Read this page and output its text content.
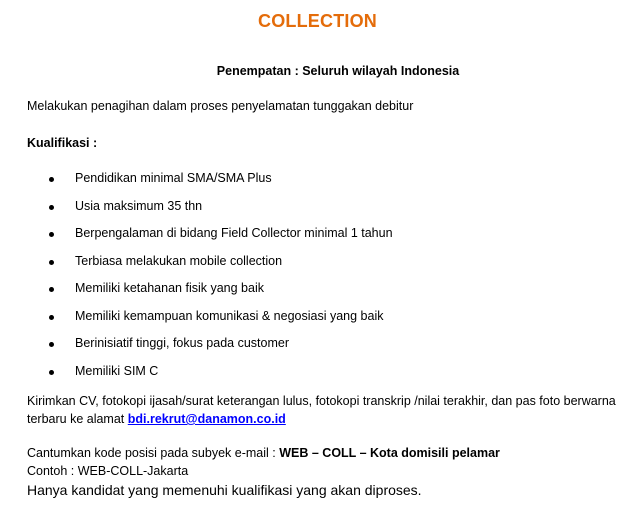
COLLECTION
Penempatan : Seluruh wilayah Indonesia
Melakukan penagihan dalam proses penyelamatan tunggakan debitur
Kualifikasi :
Pendidikan minimal SMA/SMA Plus
Usia maksimum 35 thn
Berpengalaman di bidang Field Collector minimal 1 tahun
Terbiasa melakukan mobile collection
Memiliki ketahanan fisik yang baik
Memiliki kemampuan komunikasi & negosiasi yang baik
Berinisiatif tinggi, fokus pada customer
Memiliki SIM C
Kirimkan CV, fotokopi ijasah/surat keterangan lulus, fotokopi transkrip /nilai terakhir, dan pas foto berwarna terbaru ke alamat bdi.rekrut@danamon.co.id
Cantumkan kode posisi pada subyek e-mail : WEB – COLL – Kota domisili pelamar
Contoh : WEB-COLL-Jakarta
Hanya kandidat yang memenuhi kualifikasi yang akan diproses.
